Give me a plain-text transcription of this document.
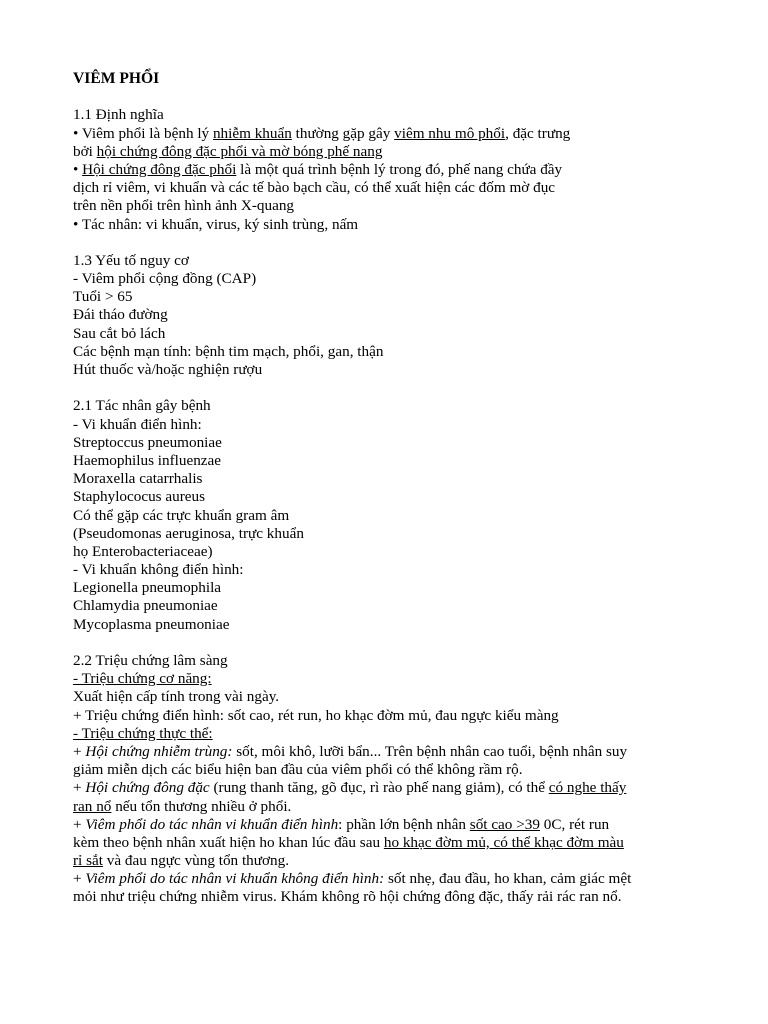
VIÊM PHỔI
1.1 Định nghĩa
• Viêm phổi là bệnh lý nhiễm khuẩn thường gặp gây viêm nhu mô phổi, đặc trưng
bởi hội chứng đông đặc phổi và mờ bóng phế nang
• Hội chứng đông đặc phổi là một quá trình bệnh lý trong đó, phế nang chứa đầy
dịch rỉ viêm, vi khuẩn và các tế bào bạch cầu, có thể xuất hiện các đốm mờ đục
trên nền phổi trên hình ảnh X-quang
• Tác nhân: vi khuẩn, virus, ký sinh trùng, nấm
1.3 Yếu tố nguy cơ
- Viêm phổi cộng đồng (CAP)
Tuổi > 65
Đái tháo đường
Sau cắt bỏ lách
Các bệnh mạn tính: bệnh tim mạch, phổi, gan, thận
Hút thuốc và/hoặc nghiện rượu
2.1 Tác nhân gây bệnh
- Vi khuẩn điển hình:
Streptoccus pneumoniae
Haemophilus influenzae
Moraxella catarrhalis
Staphylococus aureus
Có thể gặp các trực khuẩn gram âm
(Pseudomonas aeruginosa, trực khuẩn
họ Enterobacteriaceae)
- Vi khuẩn không điển hình:
Legionella pneumophila
Chlamydia pneumoniae
Mycoplasma pneumoniae
2.2 Triệu chứng lâm sàng
- Triệu chứng cơ năng:
Xuất hiện cấp tính trong vài ngày.
+ Triệu chứng điển hình: sốt cao, rét run, ho khạc đờm mủ, đau ngực kiểu màng
- Triệu chứng thực thể:
+ Hội chứng nhiễm trùng: sốt, môi khô, lưỡi bẩn... Trên bệnh nhân cao tuổi, bệnh nhân suy
giảm miễn dịch các biểu hiện ban đầu của viêm phổi có thể không rầm rộ.
+ Hội chứng đông đặc (rung thanh tăng, gõ đục, rì rào phế nang giảm), có thể có nghe thấy
ran nổ nếu tổn thương nhiều ở phổi.
+ Viêm phổi do tác nhân vi khuẩn điển hình: phần lớn bệnh nhân sốt cao >39 0C, rét run
kèm theo bệnh nhân xuất hiện ho khan lúc đầu sau ho khạc đờm mủ, có thể khạc đờm màu
rỉ sắt và đau ngực vùng tổn thương.
+ Viêm phổi do tác nhân vi khuẩn không điển hình: sốt nhẹ, đau đầu, ho khan, cảm giác mệt
mỏi như triệu chứng nhiễm virus. Khám không rõ hội chứng đông đặc, thấy rải rác ran nổ.
